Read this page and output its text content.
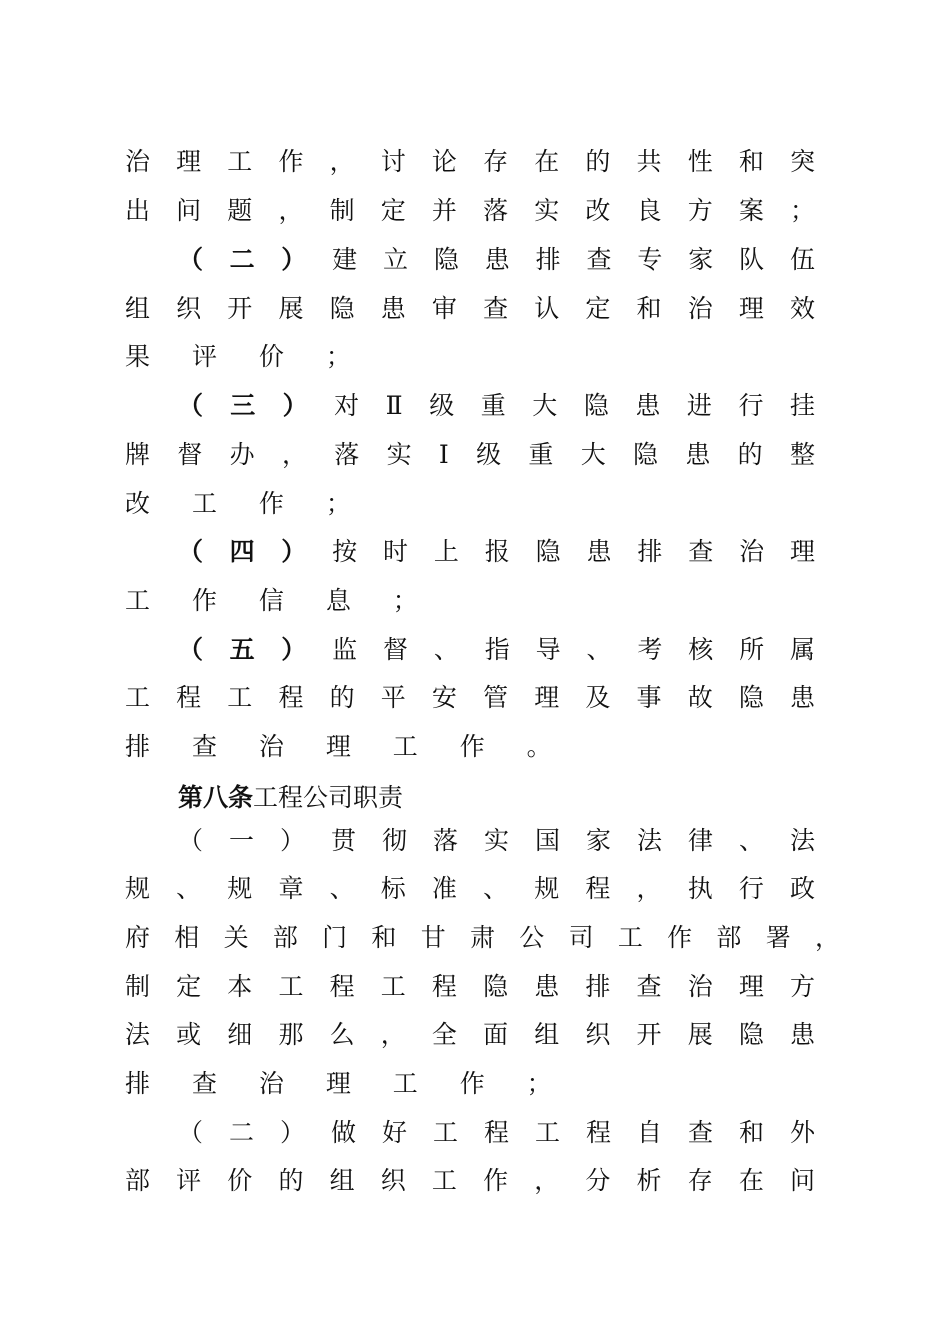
治 理 工 作 ， 讨 论 存 在 的 共 性 和 突
出 问 题 ， 制 定 并 落 实 改 良 方 案 ；
（ 二 ） 建 立 隐 患 排 查 专 家 队 伍
组 织 开 展 隐 患 审 查 认 定 和 治 理 效
果 评 价 ；
（ 三 ） 对 Ⅱ 级 重 大 隐 患 进 行 挂
牌 督 办 ， 落 实 Ⅰ 级 重 大 隐 患 的 整
改 工 作 ；
（ 四 ） 按 时 上 报 隐 患 排 查 治 理
工 作 信 息 ；
（ 五 ） 监 督 、 指 导 、 考 核 所 属
工 程 工 程 的 平 安 管 理 及 事 故 隐 患
排 查 治 理 工 作 。
第八条工程公司职责
（ 一 ） 贯 彻 落 实 国 家 法 律 、 法
规 、 规 章 、 标 准 、 规 程 ， 执 行 政
府 相 关 部 门 和 甘 肃 公 司 工 作 部 署 ，
制 定 本 工 程 工 程 隐 患 排 查 治 理 方
法 或 细 那 么 ， 全 面 组 织 开 展 隐 患
排 查 治 理 工 作 ；
（ 二 ） 做 好 工 程 工 程 自 查 和 外
部 评 价 的 组 织 工 作 ， 分 析 存 在 问
